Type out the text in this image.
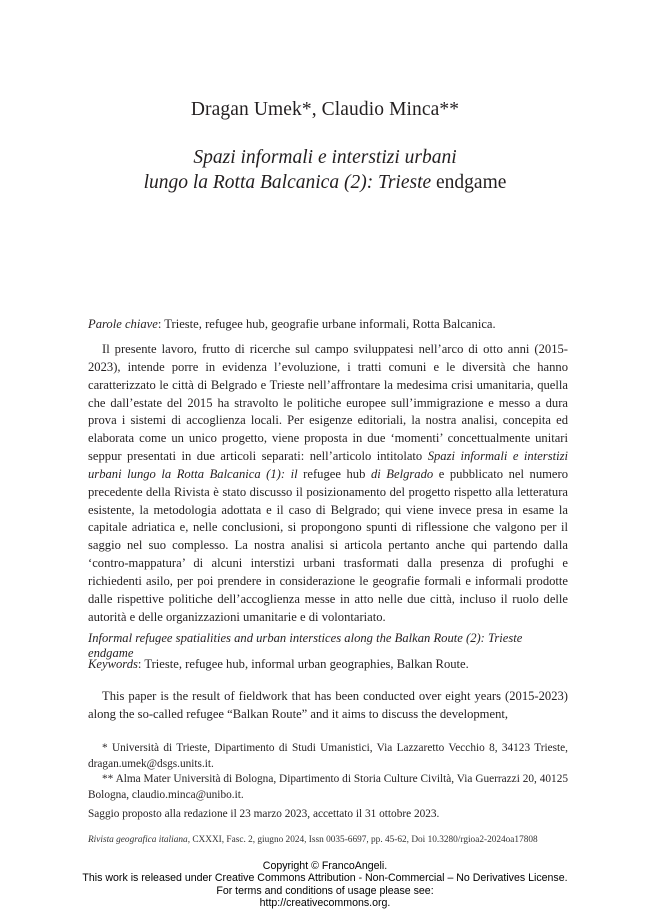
Dragan Umek*, Claudio Minca**
Spazi informali e interstizi urbani
lungo la Rotta Balcanica (2): Trieste endgame
Parole chiave: Trieste, refugee hub, geografie urbane informali, Rotta Balcanica.

Il presente lavoro, frutto di ricerche sul campo sviluppatesi nell’arco di otto anni (2015-2023), intende porre in evidenza l’evoluzione, i tratti comuni e le diversità che hanno caratterizzato le città di Belgrado e Trieste nell’affrontare la medesima crisi umanitaria, quella che dall’estate del 2015 ha stravolto le politiche europee sull’immigrazione e messo a dura prova i sistemi di accoglienza locali. Per esigenze editoriali, la nostra analisi, concepita ed elaborata come un unico progetto, viene proposta in due ‘momenti’ concettualmente unitari seppur presentati in due articoli separati: nell’articolo intitolato Spazi informali e interstizi urbani lungo la Rotta Balcanica (1): il refugee hub di Belgrado e pubblicato nel numero precedente della Rivista è stato discusso il posizionamento del progetto rispetto alla letteratura esistente, la metodologia adottata e il caso di Belgrado; qui viene invece presa in esame la capitale adriatica e, nelle conclusioni, si propongono spunti di riflessione che valgono per il saggio nel suo complesso. La nostra analisi si articola pertanto anche qui partendo dalla ‘contro-mappatura’ di alcuni interstizi urbani trasformati dalla presenza di profughi e richiedenti asilo, per poi prendere in considerazione le geografie formali e informali prodotte dalle rispettive politiche dell’accoglienza messe in atto nelle due città, incluso il ruolo delle autorità e delle organizzazioni umanitarie e di volontariato.

Informal refugee spatialities and urban interstices along the Balkan Route (2): Trieste endgame
Keywords: Trieste, refugee hub, informal urban geographies, Balkan Route.

This paper is the result of fieldwork that has been conducted over eight years (2015-2023) along the so-called refugee “Balkan Route” and it aims to discuss the development,

* Università di Trieste, Dipartimento di Studi Umanistici, Via Lazzaretto Vecchio 8, 34123 Trieste, dragan.umek@dsgs.units.it.

** Alma Mater Università di Bologna, Dipartimento di Storia Culture Civiltà, Via Guerrazzi 20, 40125 Bologna, claudio.minca@unibo.it.

Saggio proposto alla redazione il 23 marzo 2023, accettato il 31 ottobre 2023.

Rivista geografica italiana, CXXXI, Fasc. 2, giugno 2024, Issn 0035-6697, pp. 45-62, Doi 10.3280/rgioa2-2024oa17808
Copyright © FrancoAngeli.
This work is released under Creative Commons Attribution - Non-Commercial – No Derivatives License.
For terms and conditions of usage please see:
http://creativecommons.org.
